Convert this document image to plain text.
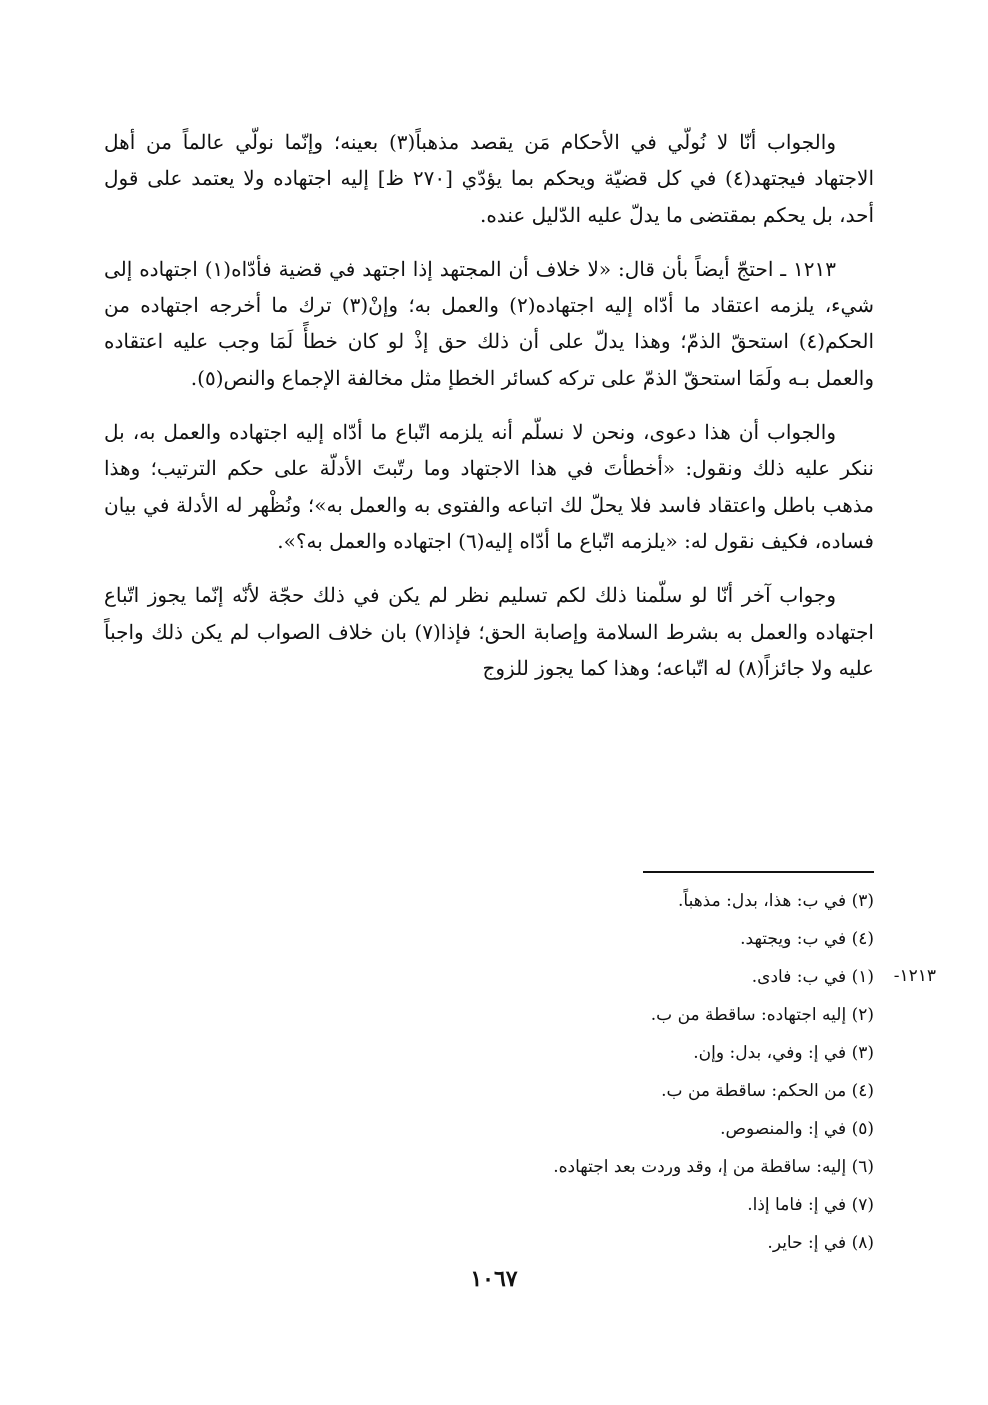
والجواب أنّا لا نُولّي في الأحكام مَن يقصد مذهباً(٣) بعينه؛ وإنّما نولّي عالماً من أهل الاجتهاد فيجتهد(٤) في كل قضيّة ويحكم بما يؤدّي [٢٧٠ ظ] إليه اجتهاده ولا يعتمد على قول أحد، بل يحكم بمقتضى ما يدلّ عليه الدّليل عنده.

١٢١٣ ـ احتجّ أيضاً بأن قال: «لا خلاف أن المجتهد إذا اجتهد في قضية فأدّاه(١) اجتهاده إلى شيء، يلزمه اعتقاد ما أدّاه إليه اجتهاده(٢) والعمل به؛ وإنْ(٣) ترك ما أخرجه اجتهاده من الحكم(٤) استحقّ الذمّ؛ وهذا يدلّ على أن ذلك حق إذْ لو كان خطأً لَمَا وجب عليه اعتقاده والعمل بـه ولَمَا استحقّ الذمّ على تركه كسائر الخطإ مثل مخالفة الإجماع والنص(٥).

والجواب أن هذا دعوى، ونحن لا نسلّم أنه يلزمه اتّباع ما أدّاه إليه اجتهاده والعمل به، بل ننكر عليه ذلك ونقول: «أخطأتَ في هذا الاجتهاد وما رتّبتَ الأدلّة على حكم الترتيب؛ وهذا مذهب باطل واعتقاد فاسد فلا يحلّ لك اتباعه والفتوى به والعمل به»؛ ونُظْهر له الأدلة في بيان فساده، فكيف نقول له: «يلزمه اتّباع ما أدّاه إليه(٦) اجتهاده والعمل به؟».

وجواب آخر أنّا لو سلّمنا ذلك لكم تسليم نظر لم يكن في ذلك حجّة لأنّه إنّما يجوز اتّباع اجتهاده والعمل به بشرط السلامة وإصابة الحق؛ فإذا(٧) بان خلاف الصواب لم يكن ذلك واجباً عليه ولا جائزاً(٨) له اتّباعه؛ وهذا كما يجوز للزوج

١٢١٣-
(٣) في ب: هذا، بدل: مذهباً.
(٤) في ب: ويجتهد.
(١) في ب: فادى.
(٢) إليه اجتهاده: ساقطة من ب.
(٣) في إ: وفي، بدل: وإن.
(٤) من الحكم: ساقطة من ب.
(٥) في إ: والمنصوص.
(٦) إليه: ساقطة من إ، وقد وردت بعد اجتهاده.
(٧) في إ: فاما إذا.
(٨) في إ: حاير.
١٠٦٧
